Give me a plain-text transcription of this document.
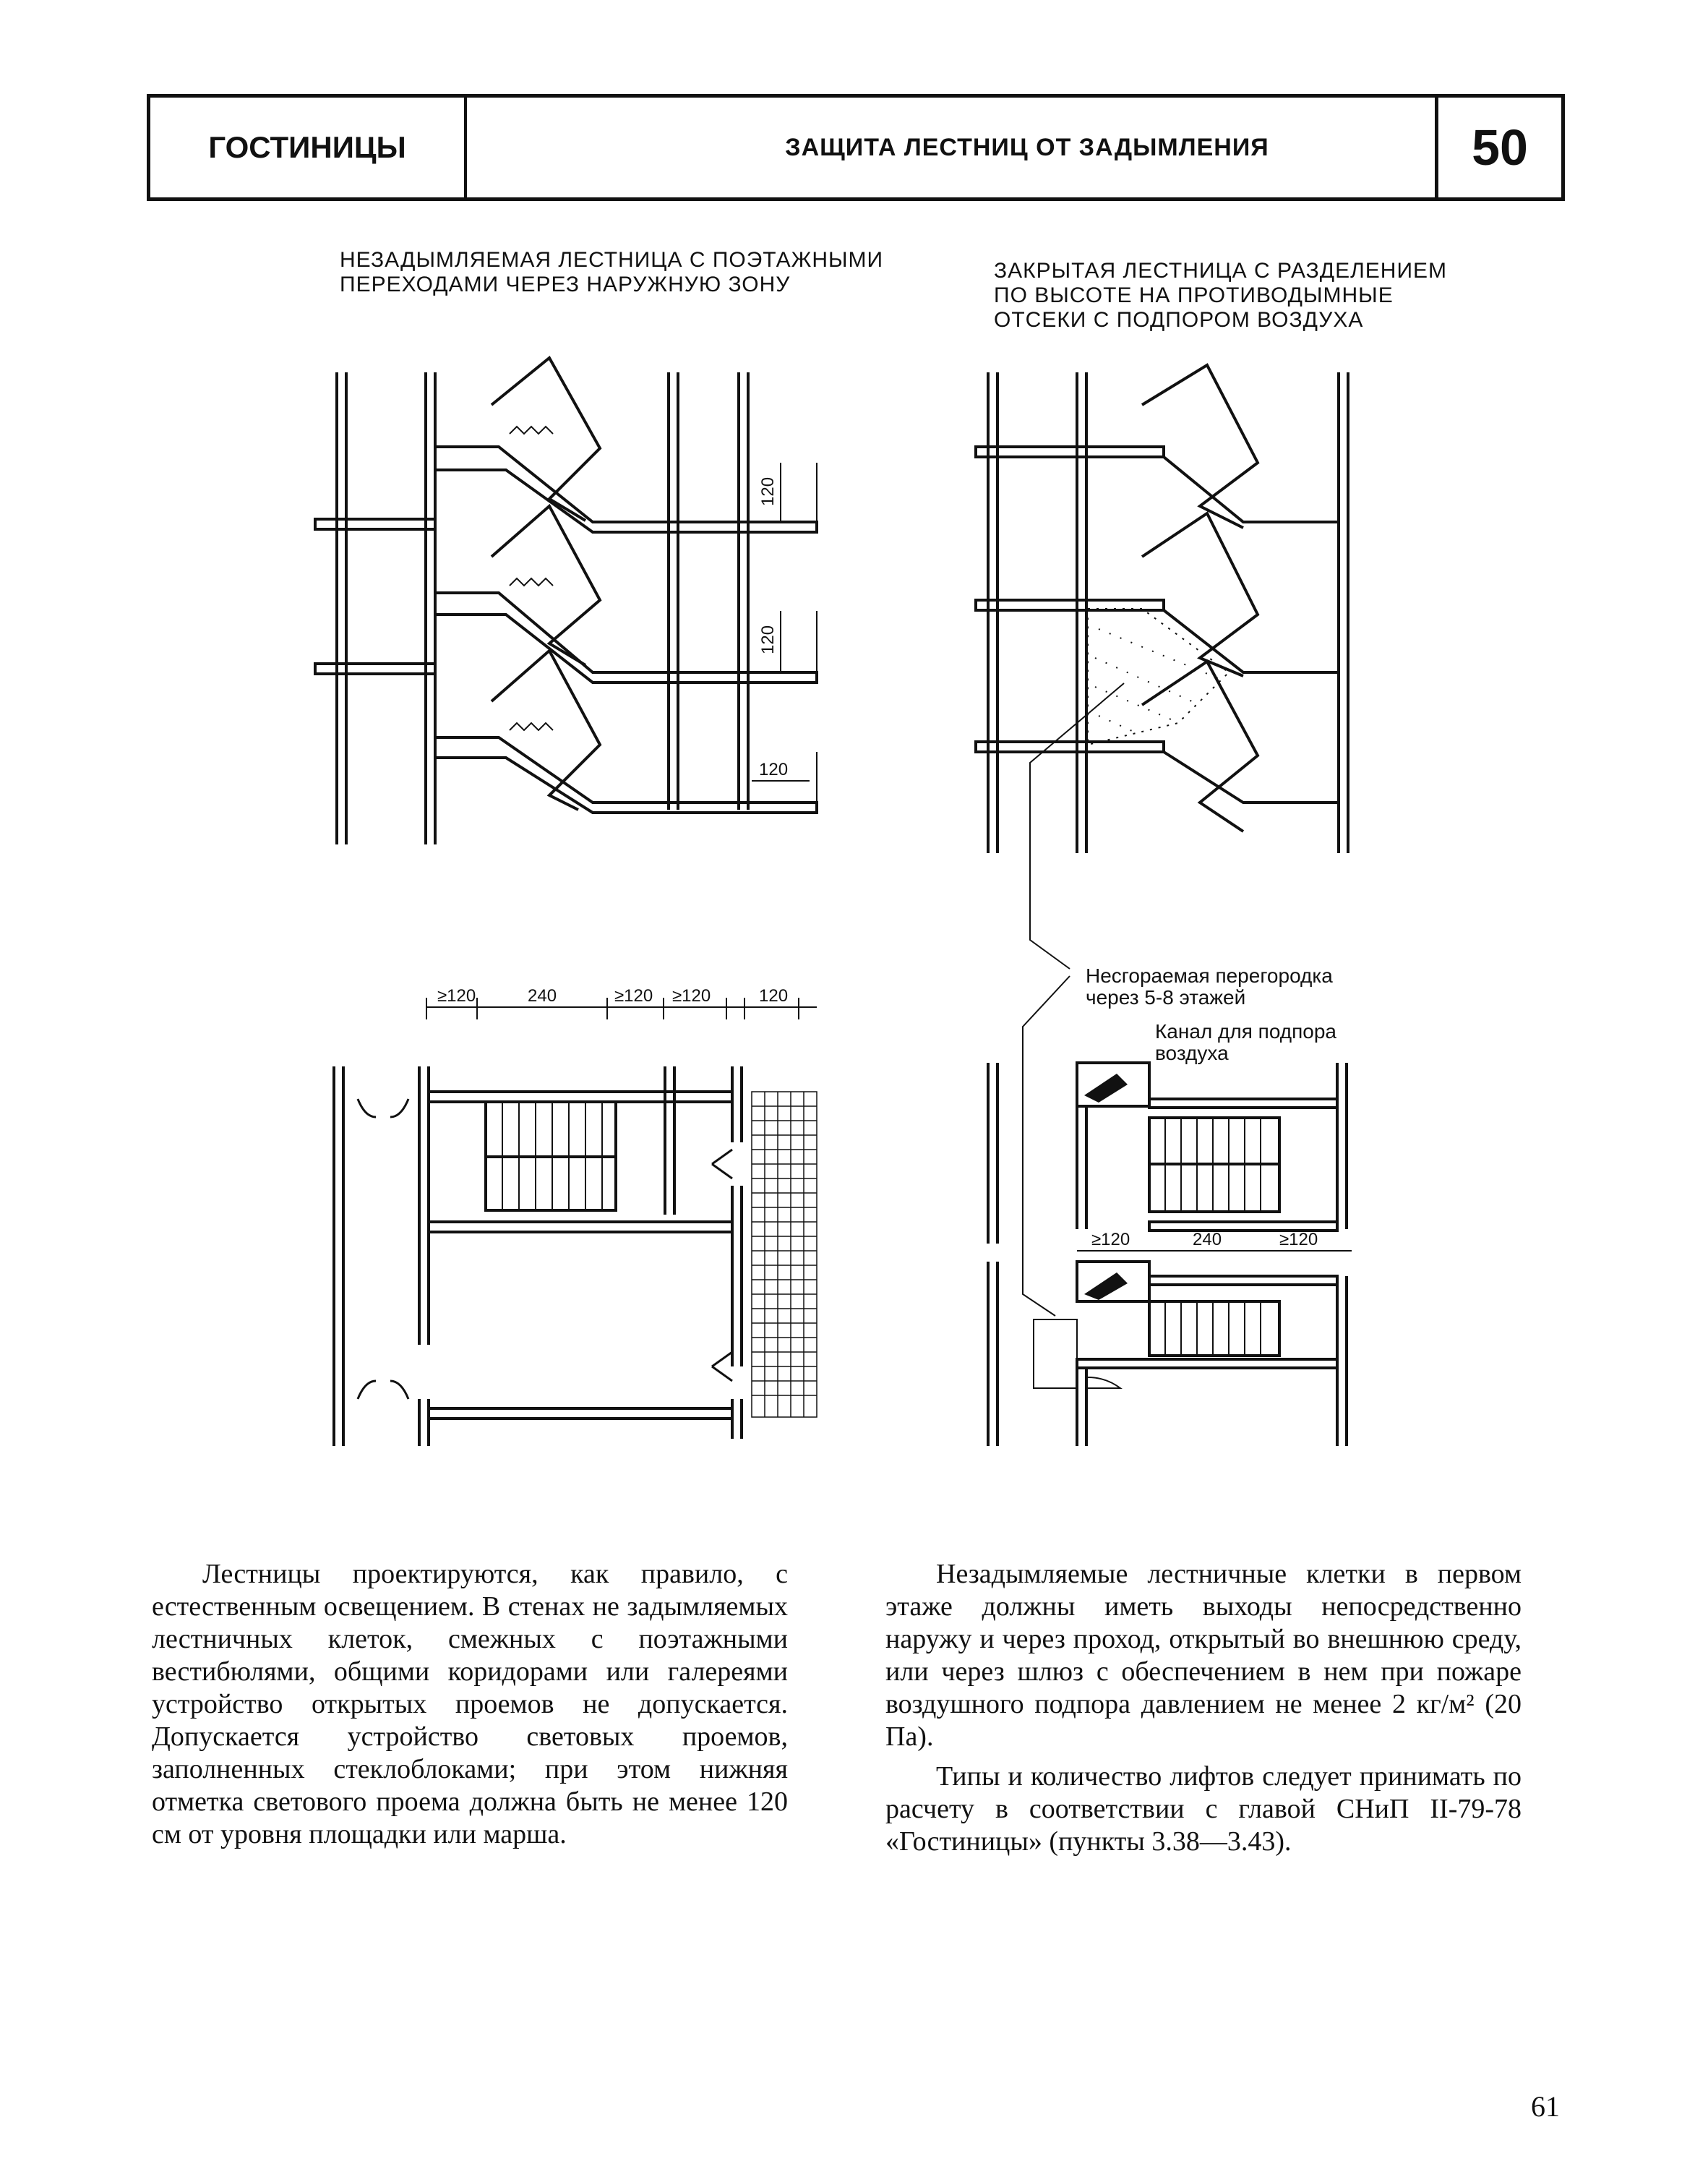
ГОСТИНИЦЫ	ЗАЩИТА ЛЕСТНИЦ ОТ ЗАДЫМЛЕНИЯ	50
НЕЗАДЫМЛЯЕМАЯ ЛЕСТНИЦА С ПОЭТАЖНЫМИ
ПЕРЕХОДАМИ ЧЕРЕЗ НАРУЖНУЮ ЗОНУ
ЗАКРЫТАЯ ЛЕСТНИЦА С РАЗДЕЛЕНИЕМ
ПО ВЫСОТЕ НА ПРОТИВОДЫМНЫЕ
ОТСЕКИ С ПОДПОРОМ ВОЗДУХА
120
120
120
≥120	240	≥120 ≥120	120
≥120	240	≥120
Несгораемая перегородка
через 5-8 этажей
Канал для подпора
воздуха

Лестницы проектируются, как правило, с естественным освещением. В стенах не задымляемых лестничных клеток, смежных с поэтажными вестибюлями, общими коридорами или галереями устройство открытых проемов не допускается. Допускается устройство световых проемов, заполненных стеклоблоками; при этом нижняя отметка светового проема должна быть не менее 120 см от уровня площадки или марша.

Незадымляемые лестничные клетки в первом этаже должны иметь выходы непосредственно наружу и через проход, открытый во внешнюю среду, или через шлюз с обеспечением в нем при пожаре воздушного подпора давлением не менее 2 кг/м² (20 Па).

Типы и количество лифтов следует принимать по расчету в соответствии с главой СНиП II-79-78 «Гостиницы» (пункты 3.38—3.43).

61
